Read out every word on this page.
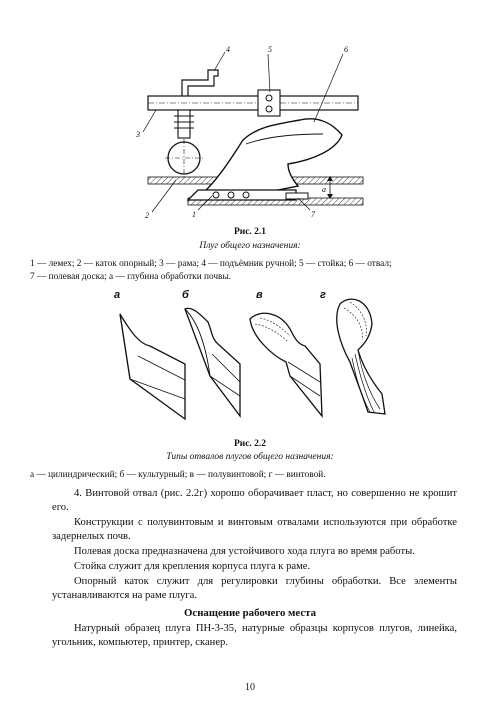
4	5	6
3
а
2	1	7
Рис. 2.1
Плуг общего назначения:
1 — лемех; 2 — каток опорный; 3 — рама; 4 — подъёмник ручной; 5 — стойка; 6 — отвал;
7 — полевая доска; а — глубина обработки почвы.
а	б	в	г
Рис. 2.2
Типы отвалов плугов общего назначения:
а — цилиндрический; б — культурный; в — полувинтовой; г — винтовой.
4. Винтовой отвал (рис. 2.2г) хорошо оборачивает пласт, но совершенно не крошит его.
Конструкции с полувинтовым и винтовым отвалами используются при обработке задернелых почв.
Полевая доска предназначена для устойчивого хода плуга во время работы.
Стойка служит для крепления корпуса плуга к раме.
Опорный каток служит для регулировки глубины обработки. Все элементы устанавливаются на раме плуга.
Оснащение рабочего места
Натурный образец плуга ПН-3-35, натурные образцы корпусов плугов, линейка, угольник, компьютер, принтер, сканер.
10
